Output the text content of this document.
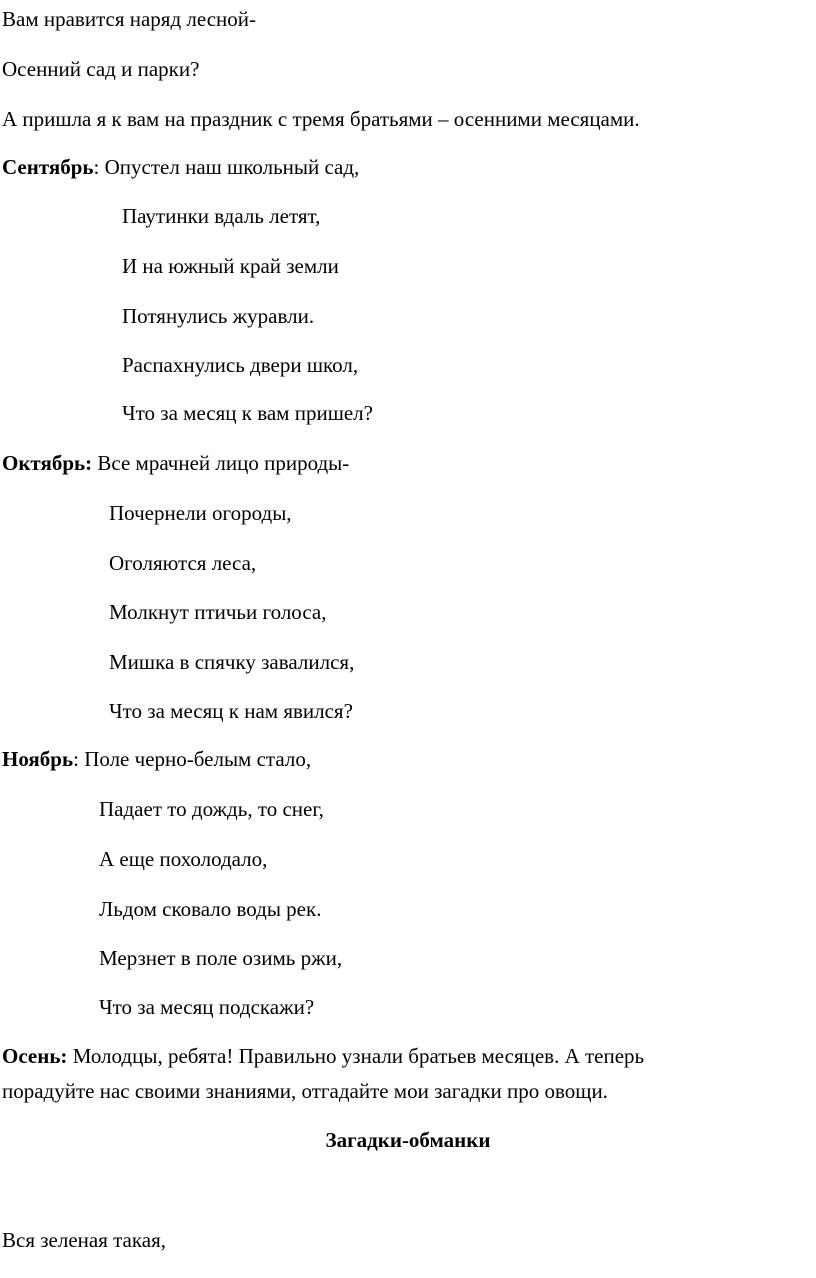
Вам нравится наряд лесной-
Осенний сад и парки?
А пришла я к вам на праздник с тремя братьями – осенними месяцами.
Сентябрь: Опустел наш школьный сад,
Паутинки вдаль летят,
И на южный край земли
Потянулись журавли.
Распахнулись двери школ,
Что за месяц к вам пришел?
Октябрь: Все мрачней лицо природы-
Почернели огороды,
Оголяются леса,
Молкнут птичьи голоса,
Мишка в спячку завалился,
Что за месяц к нам явился?
Ноябрь: Поле черно-белым стало,
Падает то дождь, то снег,
А еще похолодало,
Льдом сковало воды рек.
Мерзнет в поле озимь ржи,
Что за месяц подскажи?
Осень: Молодцы, ребята! Правильно узнали братьев месяцев. А теперь
порадуйте нас своими знаниями, отгадайте мои загадки про овощи.
Загадки-обманки
Вся зеленая такая,
